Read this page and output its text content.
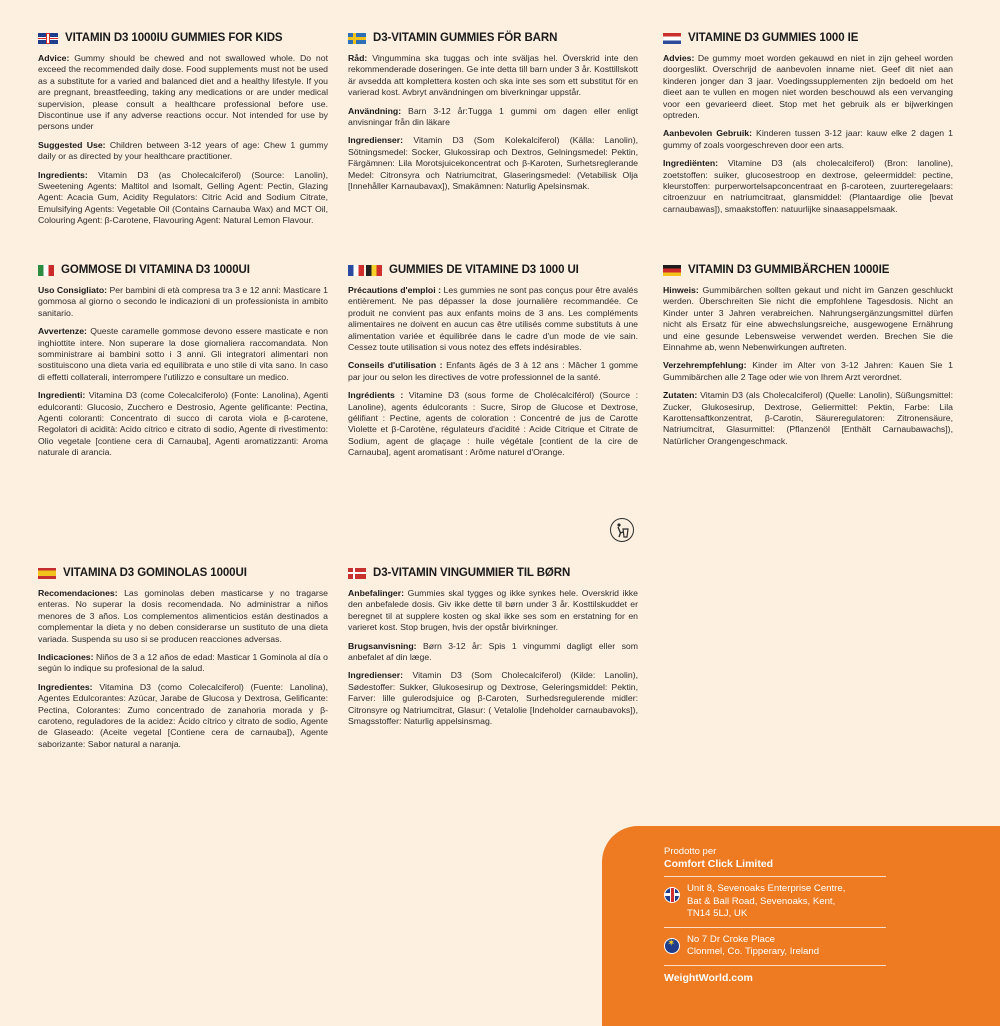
VITAMIN D3 1000IU GUMMIES FOR KIDS

Advice: Gummy should be chewed and not swallowed whole. Do not exceed the recommended daily dose. Food supplements must not be used as a substitute for a varied and balanced diet and a healthy lifestyle. If you are pregnant, breastfeeding, taking any medications or are under medical supervision, please consult a healthcare professional before use. Discontinue use if any adverse reactions occur. Not intended for use by persons under

Suggested Use: Children between 3-12 years of age: Chew 1 gummy daily or as directed by your healthcare practitioner.

Ingredients: Vitamin D3 (as Cholecalciferol) (Source: Lanolin), Sweetening Agents: Maltitol and Isomalt, Gelling Agent: Pectin, Glazing Agent: Acacia Gum, Acidity Regulators: Citric Acid and Sodium Citrate, Emulsifying Agents: Vegetable Oil (Contains Carnauba Wax) and MCT Oil, Colouring Agent: β-Carotene, Flavouring Agent: Natural Lemon Flavour.

D3-VITAMIN GUMMIES FÖR BARN

Råd: Vingummina ska tuggas och inte sväljas hel. Överskrid inte den rekommenderade doseringen. Ge inte detta till barn under 3 år. Kosttillskott är avsedda att komplettera kosten och ska inte ses som ett substitut för en varierad kost. Avbryt användningen om biverkningar uppstår.

Användning: Barn 3-12 år:Tugga 1 gummi om dagen eller enligt anvisningar från din läkare

Ingredienser: Vitamin D3 (Som Kolekalciferol) (Källa: Lanolin), Sötningsmedel: Socker, Glukossirap och Dextros, Gelningsmedel: Pektin, Färgämnen: Lila Morotsjuicekoncentrat och β-Karoten, Surhetsreglerande Medel: Citronsyra och Natriumcitrat, Glaseringsmedel: (Vetabilisk Olja [Innehåller Karnaubavax]), Smakämnen: Naturlig Apelsinsmak.

VITAMINE D3 GUMMIES 1000 IE

Advies: De gummy moet worden gekauwd en niet in zijn geheel worden doorgeslikt. Overschrijd de aanbevolen inname niet. Geef dit niet aan kinderen jonger dan 3 jaar. Voedingssupplementen zijn bedoeld om het dieet aan te vullen en mogen niet worden beschouwd als een vervanging voor een gevarieerd dieet. Stop met het gebruik als er bijwerkingen optreden.

Aanbevolen Gebruik: Kinderen tussen 3-12 jaar: kauw elke 2 dagen 1 gummy of zoals voorgeschreven door een arts.

Ingrediënten: Vitamine D3 (als cholecalciferol) (Bron: lanoline), zoetstoffen: suiker, glucosestroop en dextrose, geleermiddel: pectine, kleurstoffen: purperwortelsapconcentraat en β-caroteen, zuurteregelaars: citroenzuur en natriumcitraat, glansmiddel: (Plantaardige olie [bevat carnaubawas]), smaakstoffen: natuurlijke sinaasappelsmaak.

GOMMOSE DI VITAMINA D3 1000UI

Uso Consigliato: Per bambini di età compresa tra 3 e 12 anni: Masticare 1 gommosa al giorno o secondo le indicazioni di un professionista in ambito sanitario.

Avvertenze: Queste caramelle gommose devono essere masticate e non inghiottite intere. Non superare la dose giornaliera raccomandata. Non somministrare ai bambini sotto i 3 anni. Gli integratori alimentari non sostituiscono una dieta varia ed equilibrata e uno stile di vita sano. In caso di effetti collaterali, interrompere l'utilizzo e consultare un medico.

Ingredienti: Vitamina D3 (come Colecalciferolo) (Fonte: Lanolina), Agenti edulcoranti: Glucosio, Zucchero e Destrosio, Agente gelificante: Pectina, Agenti coloranti: Concentrato di succo di carota viola e β-carotene, Regolatori di acidità: Acido citrico e citrato di sodio, Agente di rivestimento: Olio vegetale [contiene cera di Carnauba], Agenti aromatizzanti: Aroma naturale di arancia.

GUMMIES DE VITAMINE D3 1000 UI

Précautions d'emploi : Les gummies ne sont pas conçus pour être avalés entièrement. Ne pas dépasser la dose journalière recommandée. Ce produit ne convient pas aux enfants moins de 3 ans. Les compléments alimentaires ne doivent en aucun cas être utilisés comme substituts à une alimentation variée et équilibrée dans le cadre d'un mode de vie sain. Cessez toute utilisation si vous notez des effets indésirables.

Conseils d'utilisation : Enfants âgés de 3 à 12 ans : Mâcher 1 gomme par jour ou selon les directives de votre professionnel de la santé.

Ingrédients : Vitamine D3 (sous forme de Cholécalciférol) (Source : Lanoline), agents édulcorants : Sucre, Sirop de Glucose et Dextrose, gélifiant : Pectine, agents de coloration : Concentré de jus de Carotte Violette et β-Carotène, régulateurs d'acidité : Acide Citrique et Citrate de Sodium, agent de glaçage : huile végétale [contient de la cire de Carnauba], agent aromatisant : Arôme naturel d'Orange.

VITAMIN D3 GUMMIBÄRCHEN 1000IE

Hinweis: Gummibärchen sollten gekaut und nicht im Ganzen geschluckt werden. Überschreiten Sie nicht die empfohlene Tagesdosis. Nicht an Kinder unter 3 Jahren verabreichen. Nahrungsergänzungsmittel dürfen nicht als Ersatz für eine abwechslungsreiche, ausgewogene Ernährung und eine gesunde Lebensweise verwendet werden. Brechen Sie die Einnahme ab, wenn Nebenwirkungen auftreten.

Verzehrempfehlung: Kinder im Alter von 3-12 Jahren: Kauen Sie 1 Gummibärchen alle 2 Tage oder wie von Ihrem Arzt verordnet.

Zutaten: Vitamin D3 (als Cholecalciferol) (Quelle: Lanolin), Süßungsmittel: Zucker, Glukosesirup, Dextrose, Geliermittel: Pektin, Farbe: Lila Karottensaftkonzentrat, β-Carotin, Säureregulatoren: Zitronensäure, Natriumcitrat, Glasurmittel: (Pflanzenöl [Enthält Carnaubawachs]), Natürlicher Orangengeschmack.

VITAMINA D3 GOMINOLAS 1000UI

Recomendaciones: Las gominolas deben masticarse y no tragarse enteras. No superar la dosis recomendada. No administrar a niños menores de 3 años. Los complementos alimenticios están destinados a complementar la dieta y no deben considerarse un sustituto de una dieta variada. Suspenda su uso si se producen reacciones adversas.

Indicaciones: Niños de 3 a 12 años de edad: Masticar 1 Gominola al día o según lo indique su profesional de la salud.

Ingredientes: Vitamina D3 (como Colecalciferol) (Fuente: Lanolina), Agentes Edulcorantes: Azúcar, Jarabe de Glucosa y Dextrosa, Gelificante: Pectina, Colorantes: Zumo concentrado de zanahoria morada y β-caroteno, reguladores de la acidez: Ácido cítrico y citrato de sodio, Agente de Glaseado: (Aceite vegetal [Contiene cera de carnauba]), Agente saborizante: Sabor natural a naranja.

D3-VITAMIN VINGUMMIER TIL BØRN

Anbefalinger: Gummies skal tygges og ikke synkes hele. Overskrid ikke den anbefalede dosis. Giv ikke dette til børn under 3 år. Kosttilskuddet er beregnet til at supplere kosten og skal ikke ses som en erstatning for en varieret kost. Stop brugen, hvis der opstår bivirkninger.

Brugsanvisning: Børn 3-12 år: Spis 1 vingummi dagligt eller som anbefalet af din læge.

Ingredienser: Vitamin D3 (Som Cholecalciferol) (Kilde: Lanolin), Sødestoffer: Sukker, Glukosesirup og Dextrose, Geleringsmiddel: Pektin, Farver: lille gulerodsjuice og β-Caroten, Surhedsregulerende midler: Citronsyre og Natriumcitrat, Glasur: ( Vetalolie [Indeholder carnaubavoks]), Smagsstoffer: Naturlig appelsinsmag.

Prodotto per
Comfort Click Limited
Unit 8, Sevenoaks Enterprise Centre,
Bat & Ball Road, Sevenoaks, Kent,
TN14 5LJ, UK
✶
No 7 Dr Croke Place
Clonmel, Co. Tipperary, Ireland
WeightWorld.com
